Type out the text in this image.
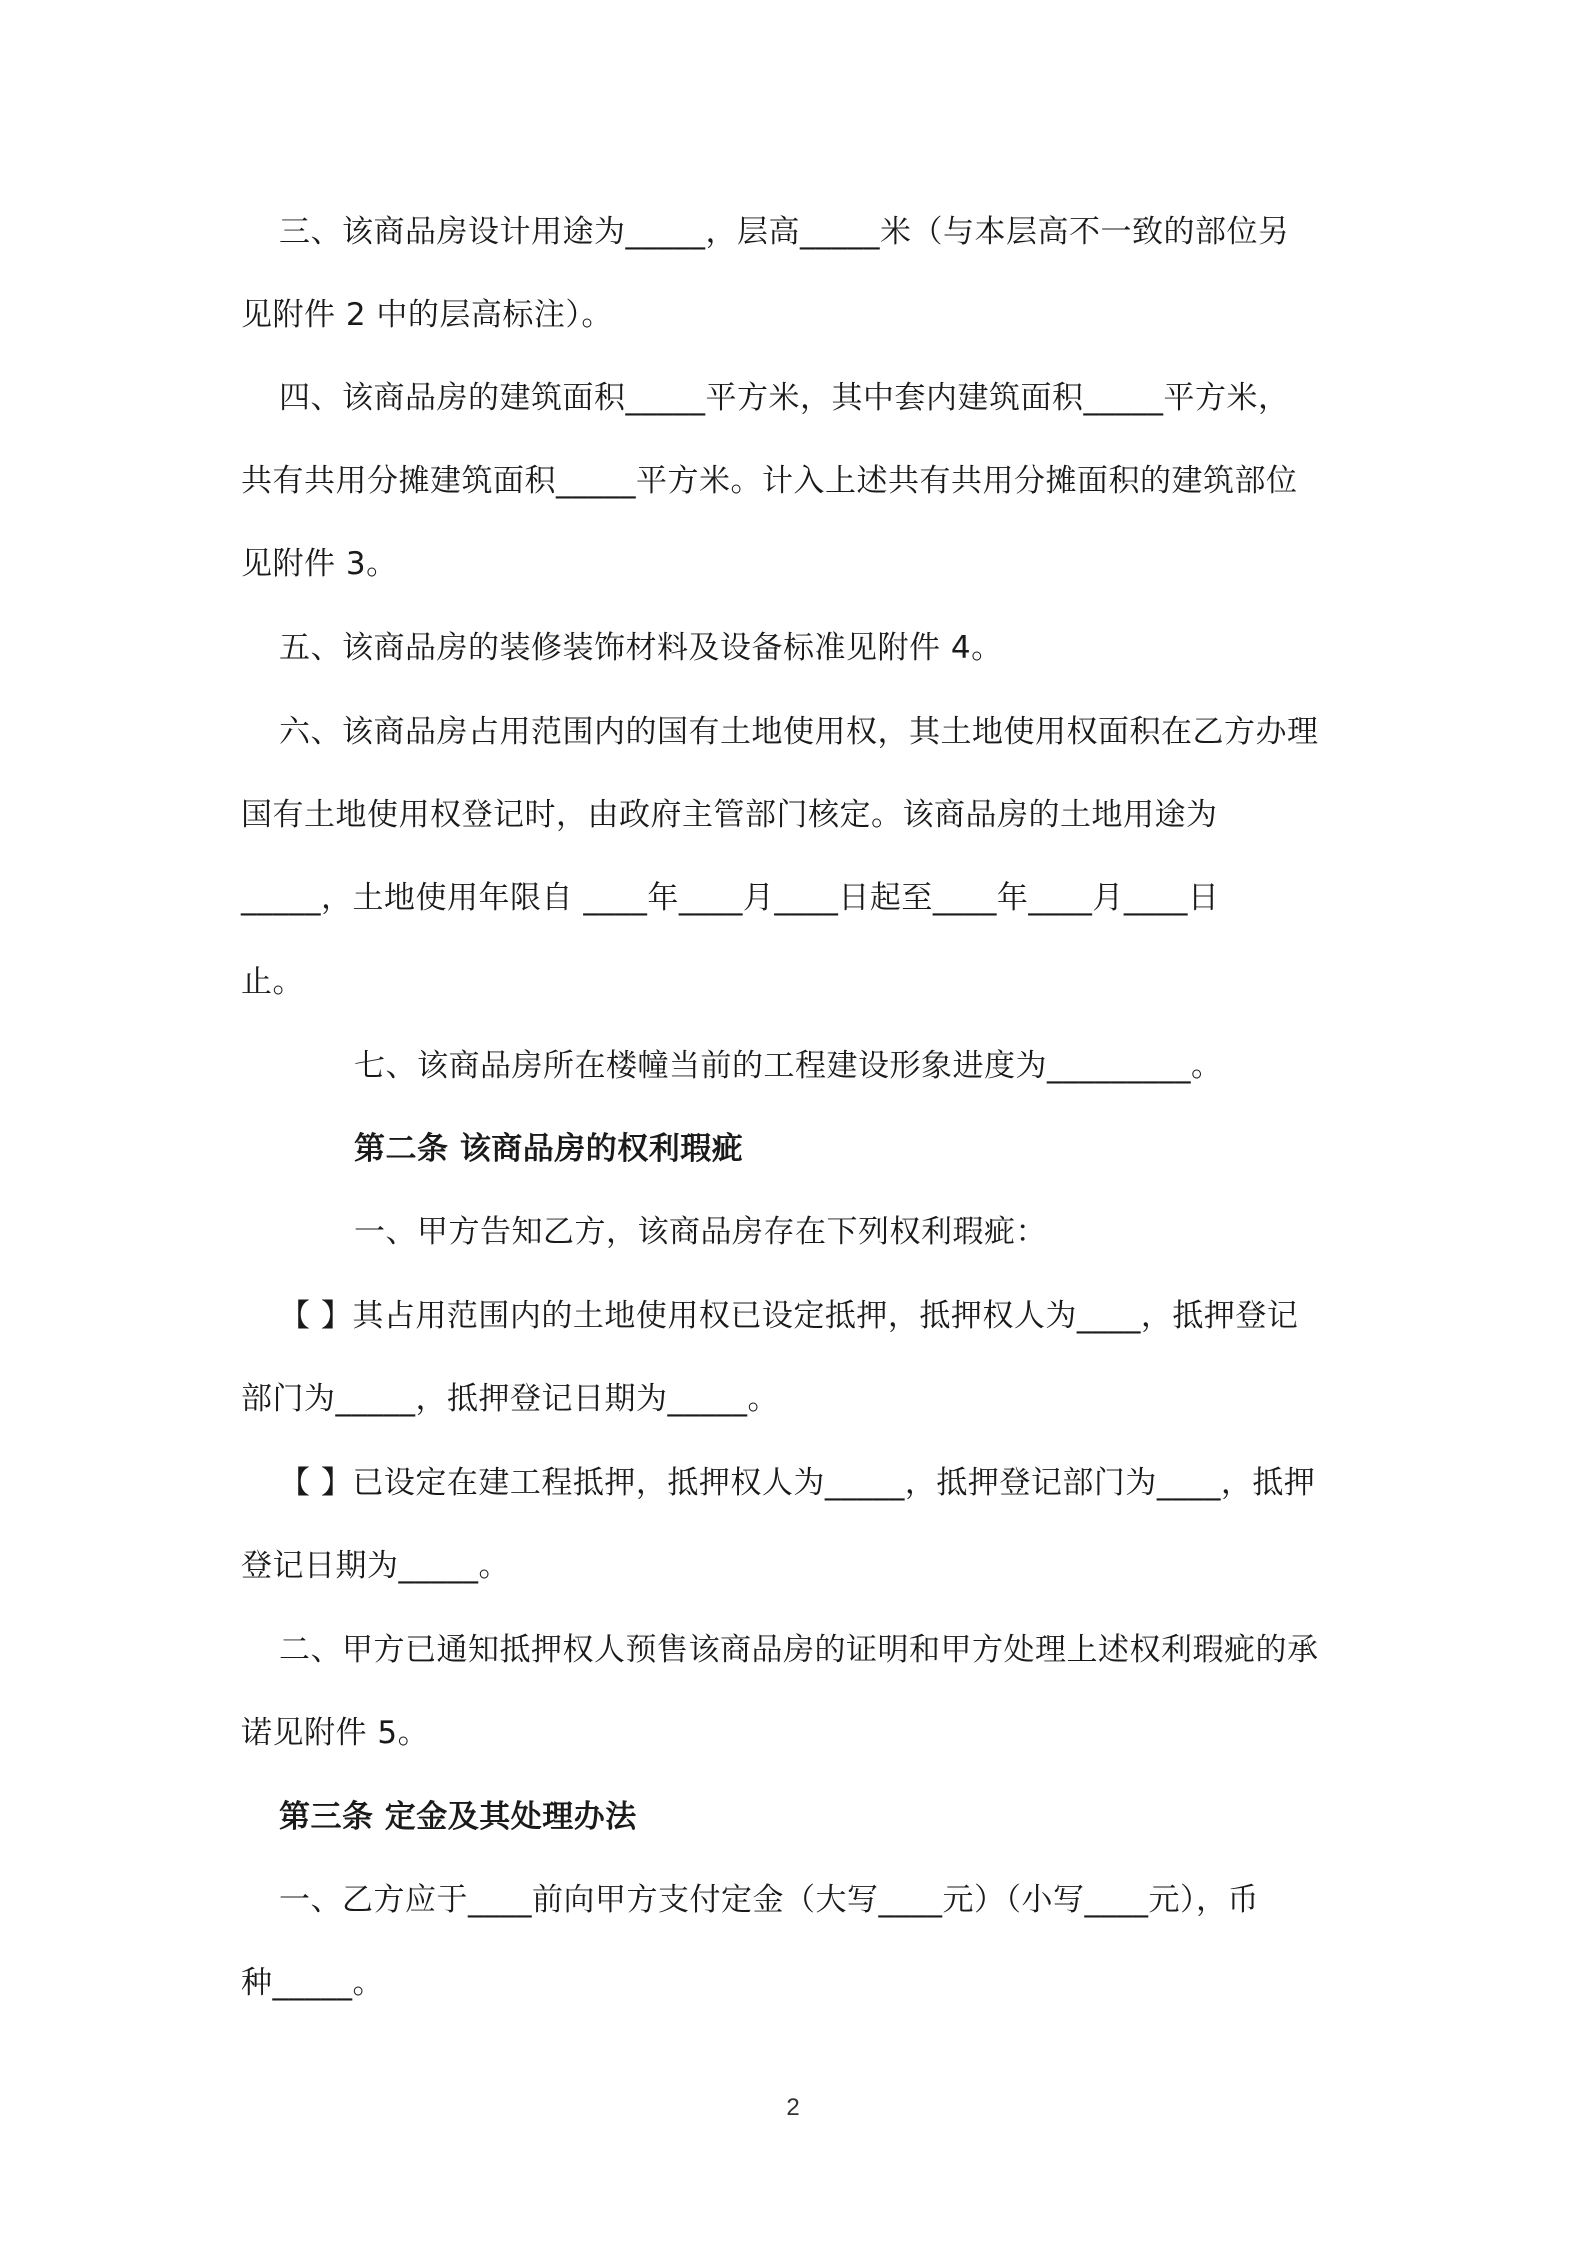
三、该商品房设计用途为_____，层高_____米（与本层高不一致的部位另
见附件 2 中的层高标注）。
四、该商品房的建筑面积_____平方米，其中套内建筑面积_____平方米，
共有共用分摊建筑面积_____平方米。计入上述共有共用分摊面积的建筑部位
见附件 3。
五、该商品房的装修装饰材料及设备标准见附件 4。
六、该商品房占用范围内的国有土地使用权，其土地使用权面积在乙方办理
国有土地使用权登记时，由政府主管部门核定。该商品房的土地用途为
_____，土地使用年限自 ____年____月____日起至____年____月____日
止。
七、该商品房所在楼幢当前的工程建设形象进度为_________。
第二条 该商品房的权利瑕疵
一、甲方告知乙方，该商品房存在下列权利瑕疵：
【 】其占用范围内的土地使用权已设定抵押，抵押权人为____，抵押登记
部门为_____，抵押登记日期为_____。
【 】已设定在建工程抵押，抵押权人为_____，抵押登记部门为____，抵押
登记日期为_____。
二、甲方已通知抵押权人预售该商品房的证明和甲方处理上述权利瑕疵的承
诺见附件 5。
第三条 定金及其处理办法
一、乙方应于____前向甲方支付定金（大写____元）（小写____元），币
种_____。
2
